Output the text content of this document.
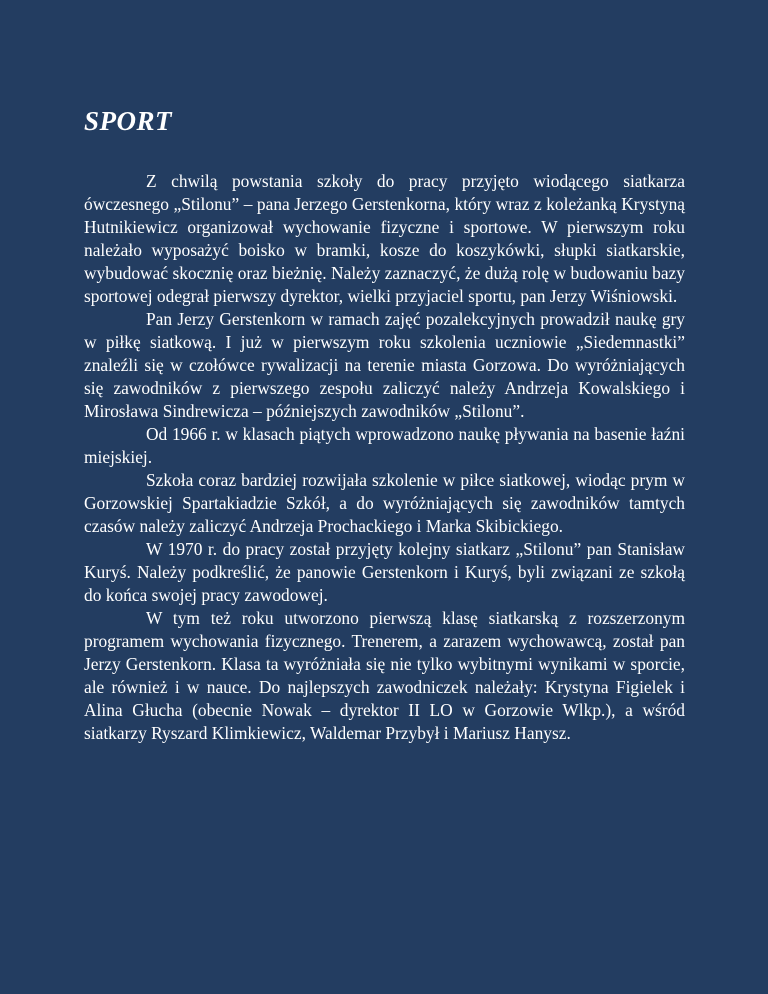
SPORT

Z chwilą powstania szkoły do pracy przyjęto wiodącego siatkarza ówczesnego „Stilonu” – pana Jerzego Gerstenkorna, który wraz z koleżanką Krystyną Hutnikiewicz organizował wychowanie fizyczne i sportowe. W pierwszym roku należało wyposażyć boisko w bramki, kosze do koszykówki, słupki siatkarskie, wybudować skocznię oraz bieżnię. Należy zaznaczyć, że dużą rolę w budowaniu bazy sportowej odegrał pierwszy dyrektor, wielki przyjaciel sportu, pan Jerzy Wiśniowski.

Pan Jerzy Gerstenkorn w ramach zajęć pozalekcyjnych prowadził naukę gry w piłkę siatkową. I już w pierwszym roku szkolenia uczniowie „Siedemnastki” znaleźli się w czołówce rywalizacji na terenie miasta Gorzowa. Do wyróżniających się zawodników z pierwszego zespołu zaliczyć należy Andrzeja Kowalskiego i Mirosława Sindrewicza – późniejszych zawodników „Stilonu”.

Od 1966 r. w klasach piątych wprowadzono naukę pływania na basenie łaźni miejskiej.

Szkoła coraz bardziej rozwijała szkolenie w piłce siatkowej, wiodąc prym w Gorzowskiej Spartakiadzie Szkół, a do wyróżniających się zawodników tamtych czasów należy zaliczyć Andrzeja Prochackiego i Marka Skibickiego.

W 1970 r. do pracy został przyjęty kolejny siatkarz „Stilonu” pan Stanisław Kuryś. Należy podkreślić, że panowie Gerstenkorn i Kuryś, byli związani ze szkołą do końca swojej pracy zawodowej.

W tym też roku utworzono pierwszą klasę siatkarską z rozszerzonym programem wychowania fizycznego. Trenerem, a zarazem wychowawcą, został pan Jerzy Gerstenkorn. Klasa ta wyróżniała się nie tylko wybitnymi wynikami w sporcie, ale również i w nauce. Do najlepszych zawodniczek należały: Krystyna Figielek i Alina Głucha (obecnie Nowak – dyrektor II LO w Gorzowie Wlkp.), a wśród siatkarzy Ryszard Klimkiewicz, Waldemar Przybył i Mariusz Hanysz.
